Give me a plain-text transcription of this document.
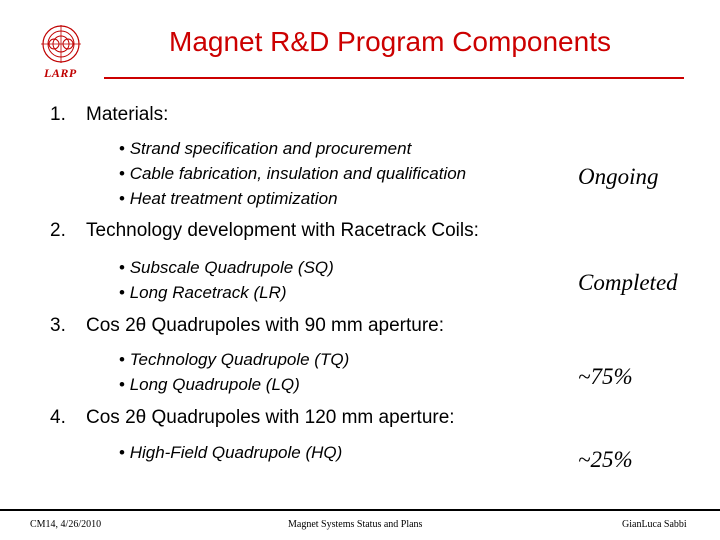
LARP
Magnet R&D Program Components
1. Materials:
• Strand specification and procurement
• Cable fabrication, insulation and qualification
• Heat treatment optimization
Ongoing
2. Technology development with Racetrack Coils:
• Subscale Quadrupole (SQ)
• Long Racetrack (LR)	Completed
3. Cos 2θ Quadrupoles with 90 mm aperture:
• Technology Quadrupole (TQ)
• Long Quadrupole (LQ)	~75%
4. Cos 2θ Quadrupoles with 120 mm aperture:
• High-Field Quadrupole (HQ)	~25%
CM14, 4/26/2010	Magnet Systems Status and Plans	GianLuca Sabbi
